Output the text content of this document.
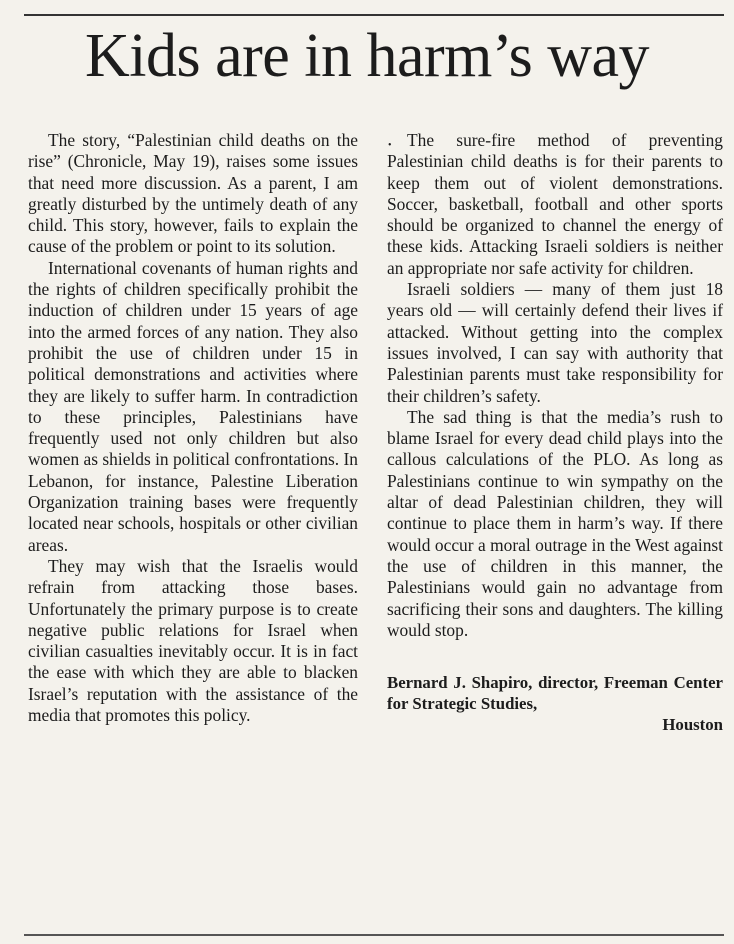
Kids are in harm’s way
•

The story, “Palestinian child deaths on the rise” (Chronicle, May 19), raises some issues that need more discussion. As a parent, I am greatly disturbed by the untimely death of any child. This story, however, fails to explain the cause of the problem or point to its solution.

International covenants of human rights and the rights of children specifically prohibit the induction of children under 15 years of age into the armed forces of any nation. They also prohibit the use of children under 15 in political demonstrations and activities where they are likely to suffer harm. In contradiction to these principles, Palestinians have frequently used not only children but also women as shields in political confrontations. In Lebanon, for instance, Palestine Liberation Organization training bases were frequently located near schools, hospitals or other civilian areas.

They may wish that the Israelis would refrain from attacking those bases. Unfortunately the primary purpose is to create negative public relations for Israel when civilian casualties inevitably occur. It is in fact the ease with which they are able to blacken Israel’s reputation with the assistance of the media that promotes this policy.

The sure-fire method of preventing Palestinian child deaths is for their parents to keep them out of violent demonstrations. Soccer, basketball, football and other sports should be organized to channel the energy of these kids. Attacking Israeli soldiers is neither an appropriate nor safe activity for children.

Israeli soldiers — many of them just 18 years old — will certainly defend their lives if attacked. Without getting into the complex issues involved, I can say with authority that Palestinian parents must take responsibility for their children’s safety.

The sad thing is that the media’s rush to blame Israel for every dead child plays into the callous calculations of the PLO. As long as Palestinians continue to win sympathy on the altar of dead Palestinian children, they will continue to place them in harm’s way. If there would occur a moral outrage in the West against the use of children in this manner, the Palestinians would gain no advantage from sacrificing their sons and daughters. The killing would stop.

Bernard J. Shapiro, director, Freeman Center for Strategic Studies,
Houston
